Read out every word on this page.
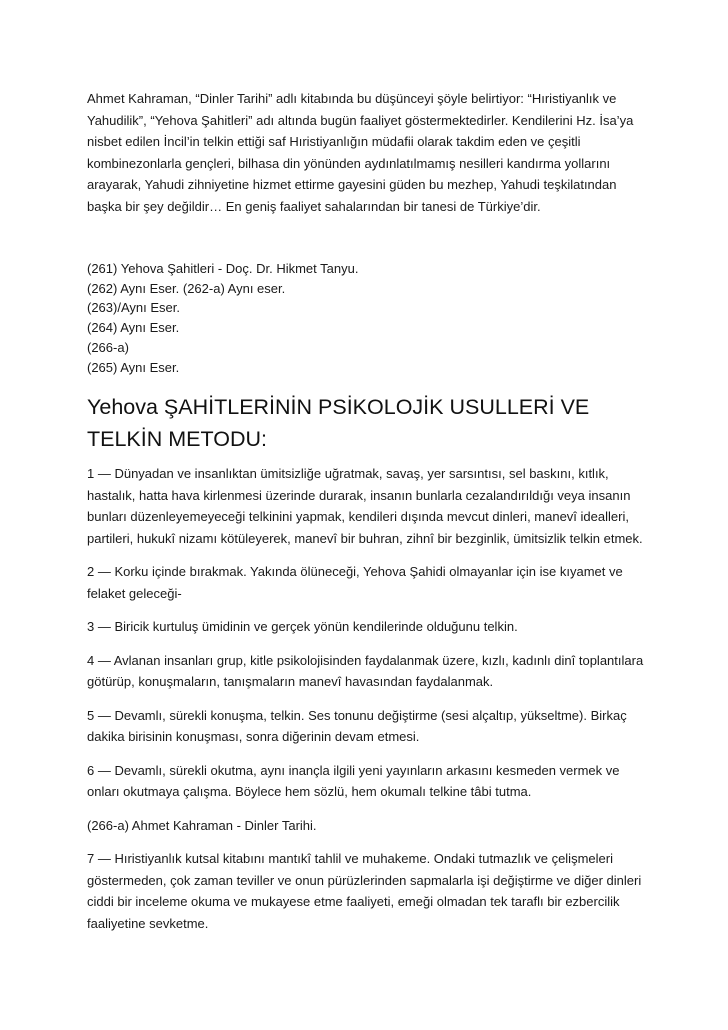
Ahmet Kahraman, “Dinler Tarihi” adlı kitabında bu düşünceyi şöyle belirtiyor: “Hıristiyanlık ve Yahudilik”, “Yehova Şahitleri” adı altında bugün faaliyet göstermektedirler. Kendilerini Hz. İsa’ya nisbet edilen İncil’in telkin ettiği saf Hıristiyanlığın müdafii olarak takdim eden ve çeşitli kombinezonlarla gençleri, bilhasa din yönünden aydınlatılmamış nesilleri kandırma yollarını arayarak, Yahudi zihniyetine hizmet ettirme gayesini güden bu mezhep, Yahudi teşkilatından başka bir şey değildir… En geniş faaliyet sahalarından bir tanesi de Türkiye’dir.

(261) Yehova Şahitleri - Doç. Dr. Hikmet Tanyu.

(262) Aynı Eser. (262-a) Aynı eser.

(263)/Aynı Eser.

(264) Aynı Eser.

(266-a)

(265) Aynı Eser.

Yehova ŞAHİTLERİNİN PSİKOLOJİK USULLERİ VE TELKİN METODU:

1 — Dünyadan ve insanlıktan ümitsizliğe uğratmak, savaş, yer sarsıntısı, sel baskını, kıtlık, hastalık, hatta hava kirlenmesi üzerinde durarak, insanın bunlarla cezalandırıldığı veya insanın bunları düzenleyemeyeceği telkinini yapmak, kendileri dışında mevcut dinleri, manevî idealleri, partileri, hukukî nizamı kötüleyerek, manevî bir buhran, zihnî bir bezginlik, ümitsizlik telkin etmek.

2 — Korku içinde bırakmak. Yakında ölüneceği, Yehova Şahidi olmayanlar için ise kıyamet ve felaket geleceği-

3 — Biricik kurtuluş ümidinin ve gerçek yönün kendilerinde olduğunu telkin.

4 — Avlanan insanları grup, kitle psikolojisinden faydalanmak üzere, kızlı, kadınlı dinî toplantılara götürüp, konuşmaların, tanışmaların manevî havasından faydalanmak.

5 — Devamlı, sürekli konuşma, telkin. Ses tonunu değiştirme (sesi alçaltıp, yükseltme). Birkaç dakika birisinin konuşması, sonra diğerinin devam etmesi.

6 — Devamlı, sürekli okutma, aynı inançla ilgili yeni yayınların arkasını kesmeden vermek ve onları okutmaya çalışma. Böylece hem sözlü, hem okumalı telkine tâbi tutma.

(266-a) Ahmet Kahraman - Dinler Tarihi.

7 — Hıristiyanlık kutsal kitabını mantıkî tahlil ve muhakeme. Ondaki tutmazlık ve çelişmeleri göstermeden, çok zaman teviller ve onun pürüzlerinden sapmalarla işi değiştirme ve diğer dinleri ciddi bir inceleme okuma ve mukayese etme faaliyeti, emeği olmadan tek taraflı bir ezbercilik faaliyetine sevketme.
